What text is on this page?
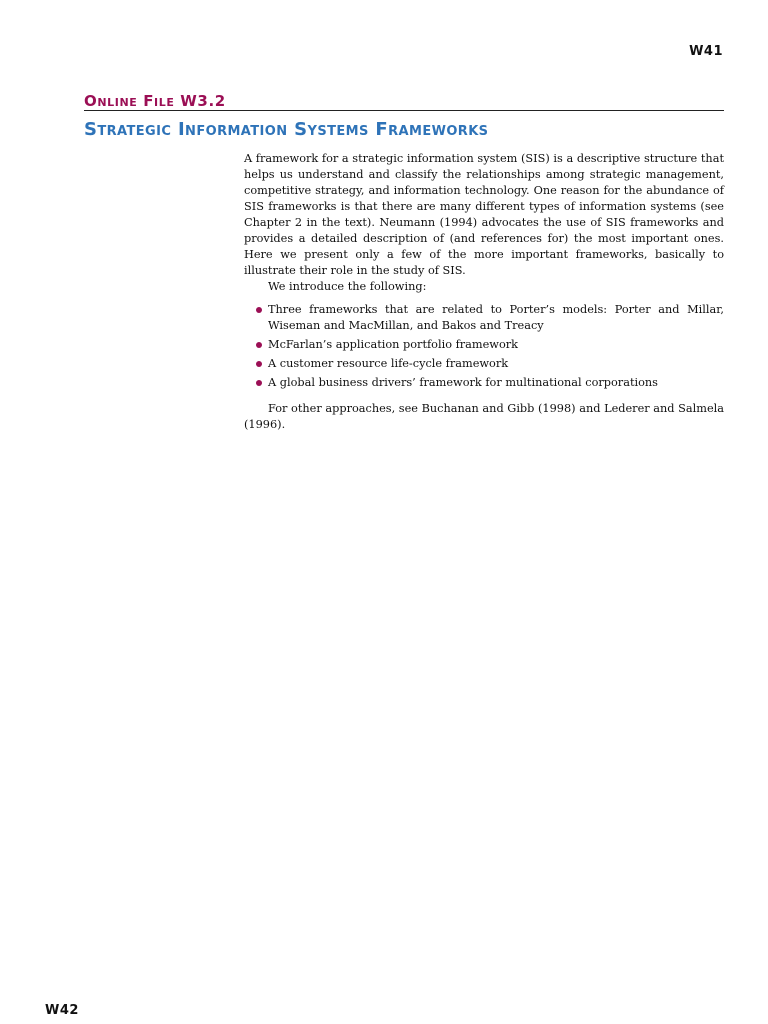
W41
Online File W3.2
Strategic Information Systems Frameworks

A framework for a strategic information system (SIS) is a descriptive structure that helps us understand and classify the relationships among strategic management, competitive strategy, and information technology. One reason for the abundance of SIS frameworks is that there are many different types of information systems (see Chapter 2 in the text). Neumann (1994) advocates the use of SIS frameworks and provides a detailed description of (and references for) the most important ones. Here we present only a few of the more important frameworks, basically to illustrate their role in the study of SIS.

We introduce the following:

Three frameworks that are related to Porter’s models: Porter and Millar, Wiseman and MacMillan, and Bakos and Treacy
McFarlan’s application portfolio framework
A customer resource life-cycle framework
A global business drivers’ framework for multinational corporations

For other approaches, see Buchanan and Gibb (1998) and Lederer and Salmela (1996).

W42
